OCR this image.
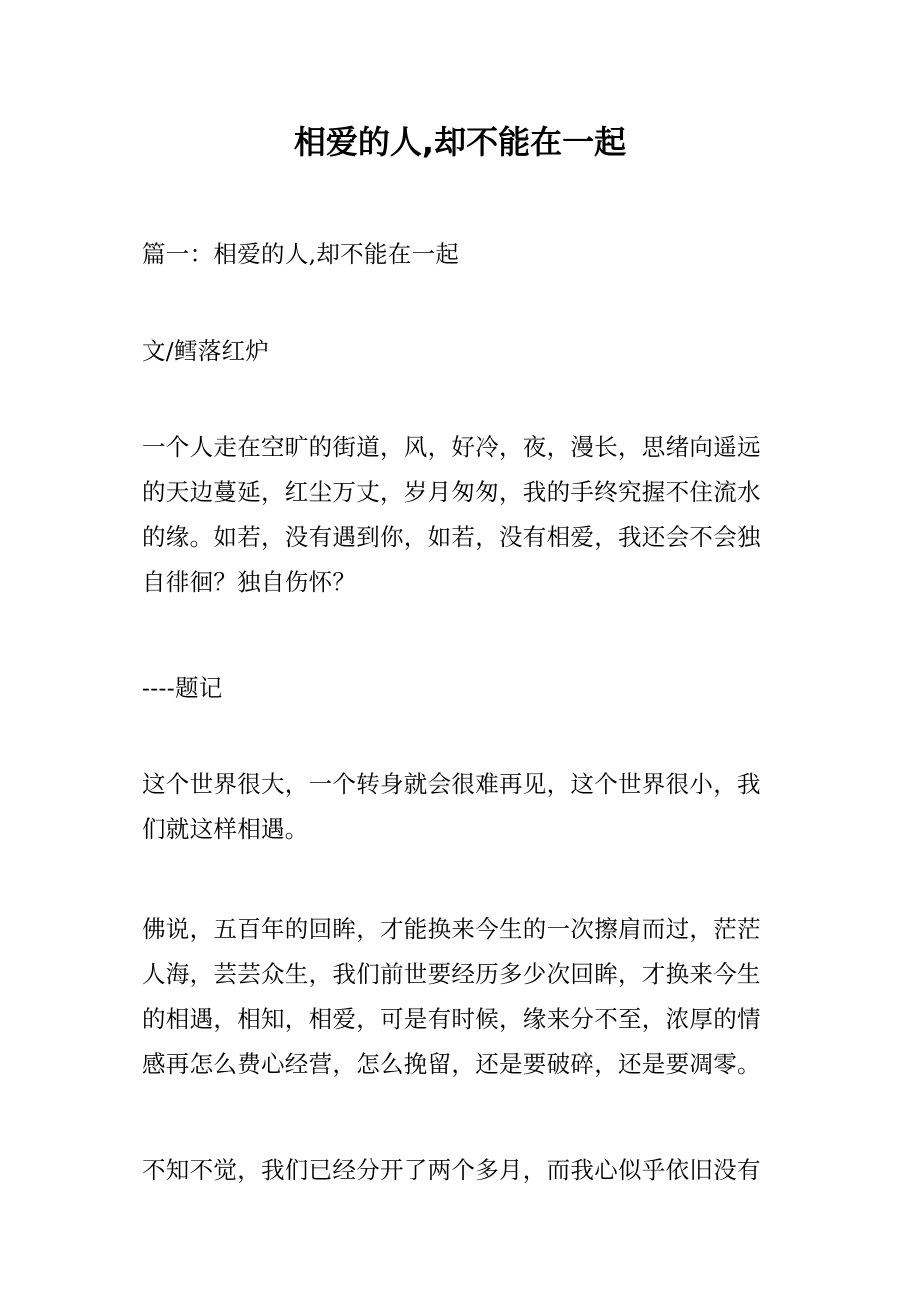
相爱的人,却不能在一起
篇一：相爱的人,却不能在一起
文/鳕落红炉
一个人走在空旷的街道，风，好冷，夜，漫长，思绪向遥远
的天边蔓延，红尘万丈，岁月匆匆，我的手终究握不住流水
的缘。如若，没有遇到你，如若，没有相爱，我还会不会独
自徘徊？独自伤怀？
----题记
这个世界很大，一个转身就会很难再见，这个世界很小，我
们就这样相遇。
佛说，五百年的回眸，才能换来今生的一次擦肩而过，茫茫
人海，芸芸众生，我们前世要经历多少次回眸，才换来今生
的相遇，相知，相爱，可是有时候，缘来分不至，浓厚的情
感再怎么费心经营，怎么挽留，还是要破碎，还是要凋零。
不知不觉，我们已经分开了两个多月，而我心似乎依旧没有
